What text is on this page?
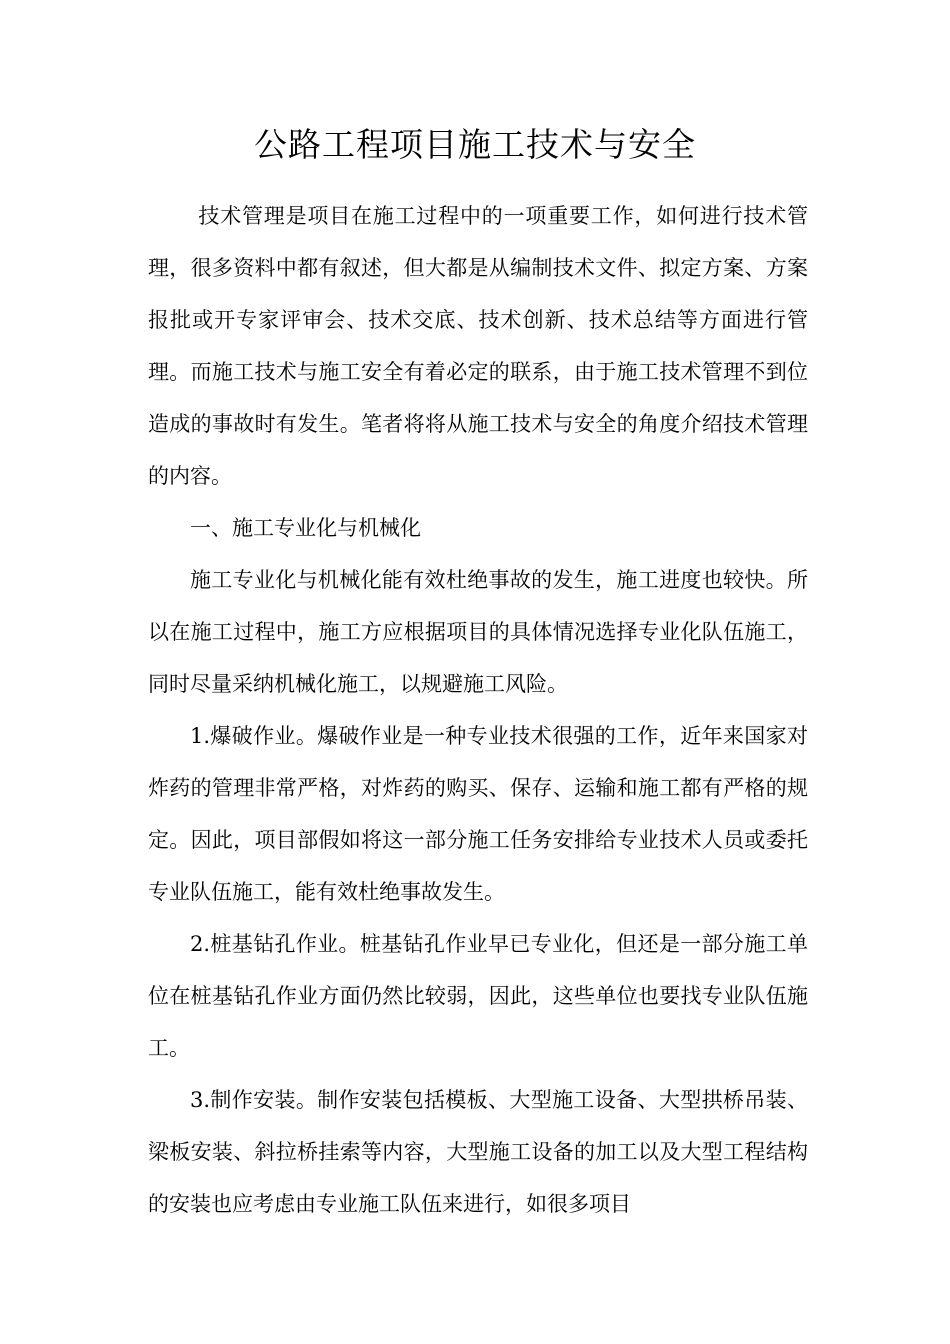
公路工程项目施工技术与安全

技术管理是项目在施工过程中的一项重要工作，如何进行技术管理，很多资料中都有叙述，但大都是从编制技术文件、拟定方案、方案报批或开专家评审会、技术交底、技术创新、技术总结等方面进行管理。而施工技术与施工安全有着必定的联系，由于施工技术管理不到位造成的事故时有发生。笔者将将从施工技术与安全的角度介绍技术管理的内容。

一、施工专业化与机械化

施工专业化与机械化能有效杜绝事故的发生，施工进度也较快。所以在施工过程中，施工方应根据项目的具体情况选择专业化队伍施工，同时尽量采纳机械化施工，以规避施工风险。

1.爆破作业。爆破作业是一种专业技术很强的工作，近年来国家对炸药的管理非常严格，对炸药的购买、保存、运输和施工都有严格的规定。因此，项目部假如将这一部分施工任务安排给专业技术人员或委托专业队伍施工，能有效杜绝事故发生。

2.桩基钻孔作业。桩基钻孔作业早已专业化，但还是一部分施工单位在桩基钻孔作业方面仍然比较弱，因此，这些单位也要找专业队伍施工。

3.制作安装。制作安装包括模板、大型施工设备、大型拱桥吊装、梁板安装、斜拉桥挂索等内容，大型施工设备的加工以及大型工程结构的安装也应考虑由专业施工队伍来进行，如很多项目
